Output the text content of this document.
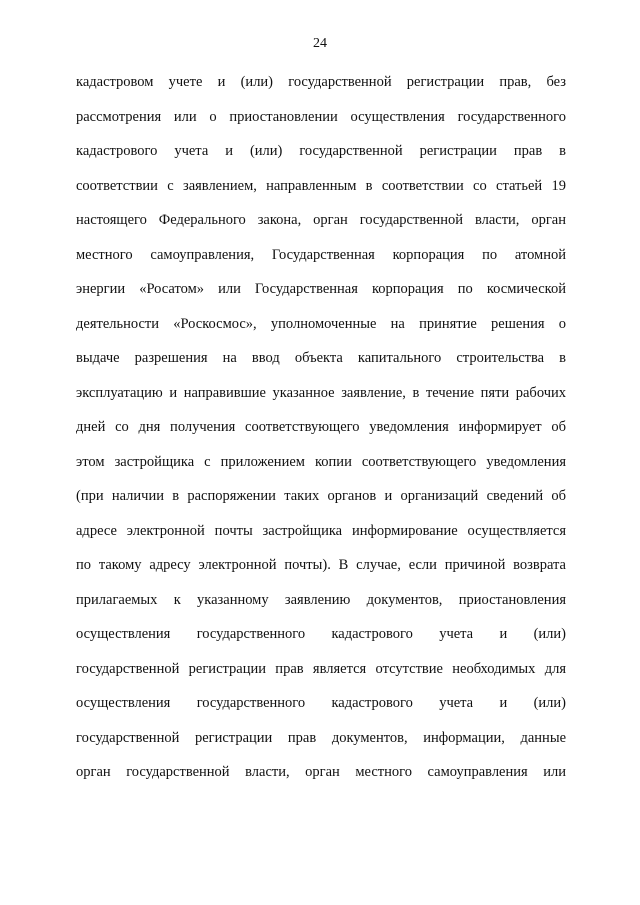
24
кадастровом учете и (или) государственной регистрации прав, без
рассмотрения или о приостановлении осуществления государственного
кадастрового учета и (или) государственной регистрации прав в
соответствии с заявлением, направленным в соответствии со статьей 19
настоящего Федерального закона, орган государственной власти, орган
местного самоуправления, Государственная корпорация по атомной
энергии «Росатом» или Государственная корпорация по космической
деятельности «Роскосмос», уполномоченные на принятие решения о
выдаче разрешения на ввод объекта капитального строительства в
эксплуатацию и направившие указанное заявление, в течение пяти рабочих
дней со дня получения соответствующего уведомления информирует об
этом застройщика с приложением копии соответствующего уведомления
(при наличии в распоряжении таких органов и организаций сведений об
адресе электронной почты застройщика информирование осуществляется
по такому адресу электронной почты). В случае, если причиной возврата
прилагаемых к указанному заявлению документов, приостановления
осуществления государственного кадастрового учета и (или)
государственной регистрации прав является отсутствие необходимых для
осуществления государственного кадастрового учета и (или)
государственной регистрации прав документов, информации, данные
орган государственной власти, орган местного самоуправления или
